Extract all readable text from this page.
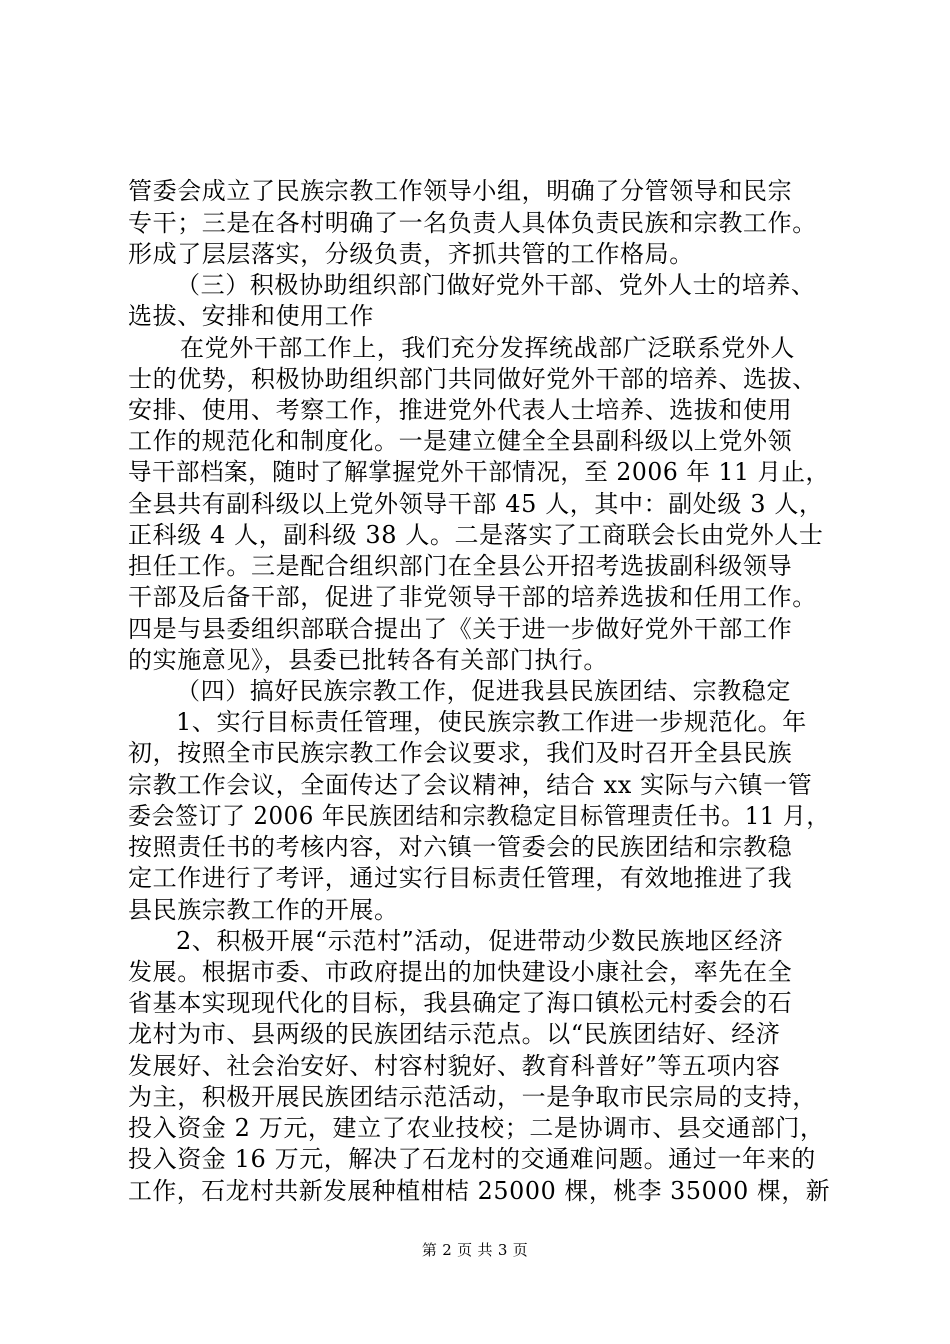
管委会成立了民族宗教工作领导小组，明确了分管领导和民宗
专干；三是在各村明确了一名负责人具体负责民族和宗教工作。
形成了层层落实，分级负责，齐抓共管的工作格局。
（三）积极协助组织部门做好党外干部、党外人士的培养、
选拔、安排和使用工作
在党外干部工作上，我们充分发挥统战部广泛联系党外人
士的优势，积极协助组织部门共同做好党外干部的培养、选拔、
安排、使用、考察工作，推进党外代表人士培养、选拔和使用
工作的规范化和制度化。一是建立健全全县副科级以上党外领
导干部档案，随时了解掌握党外干部情况，至 2006 年 11 月止，
全县共有副科级以上党外领导干部 45 人，其中：副处级 3 人，
正科级 4 人，副科级 38 人。二是落实了工商联会长由党外人士
担任工作。三是配合组织部门在全县公开招考选拔副科级领导
干部及后备干部，促进了非党领导干部的培养选拔和任用工作。
四是与县委组织部联合提出了《关于进一步做好党外干部工作
的实施意见》，县委已批转各有关部门执行。
（四）搞好民族宗教工作，促进我县民族团结、宗教稳定
1、实行目标责任管理，使民族宗教工作进一步规范化。年
初，按照全市民族宗教工作会议要求，我们及时召开全县民族
宗教工作会议，全面传达了会议精神，结合 xx 实际与六镇一管
委会签订了 2006 年民族团结和宗教稳定目标管理责任书。11 月，
按照责任书的考核内容，对六镇一管委会的民族团结和宗教稳
定工作进行了考评，通过实行目标责任管理，有效地推进了我
县民族宗教工作的开展。
2、积极开展“示范村”活动，促进带动少数民族地区经济
发展。根据市委、市政府提出的加快建设小康社会，率先在全
省基本实现现代化的目标，我县确定了海口镇松元村委会的石
龙村为市、县两级的民族团结示范点。以“民族团结好、经济
发展好、社会治安好、村容村貌好、教育科普好”等五项内容
为主，积极开展民族团结示范活动，一是争取市民宗局的支持，
投入资金 2 万元，建立了农业技校；二是协调市、县交通部门，
投入资金 16 万元，解决了石龙村的交通难问题。通过一年来的
工作，石龙村共新发展种植柑桔 25000 棵，桃李 35000 棵，新
第 2 页 共 3 页
